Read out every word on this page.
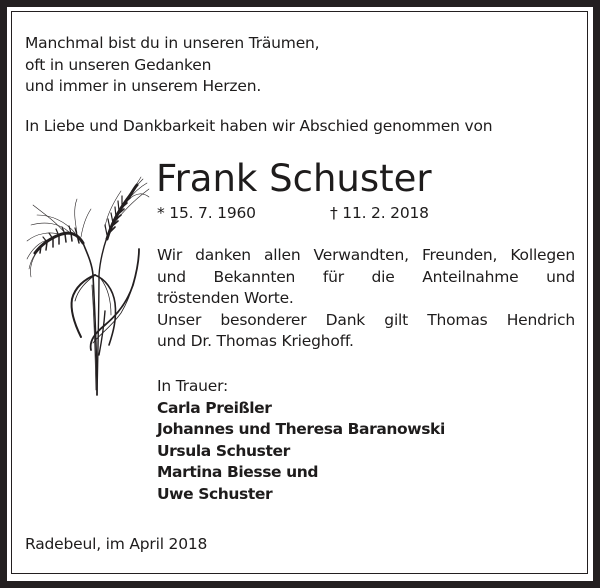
Manchmal bist du in unseren Träumen,
oft in unseren Gedanken
und immer in unserem Herzen.
In Liebe und Dankbarkeit haben wir Abschied genommen von
Frank Schuster
* 15. 7. 1960	† 11. 2. 2018
Wir danken allen Verwandten, Freunden, Kollegen
und Bekannten für die Anteilnahme und
tröstenden Worte.
Unser besonderer Dank gilt Thomas Hendrich
und Dr. Thomas Krieghoff.
In Trauer:
Carla Preißler
Johannes und Theresa Baranowski
Ursula Schuster
Martina Biesse und
Uwe Schuster
Radebeul, im April 2018
